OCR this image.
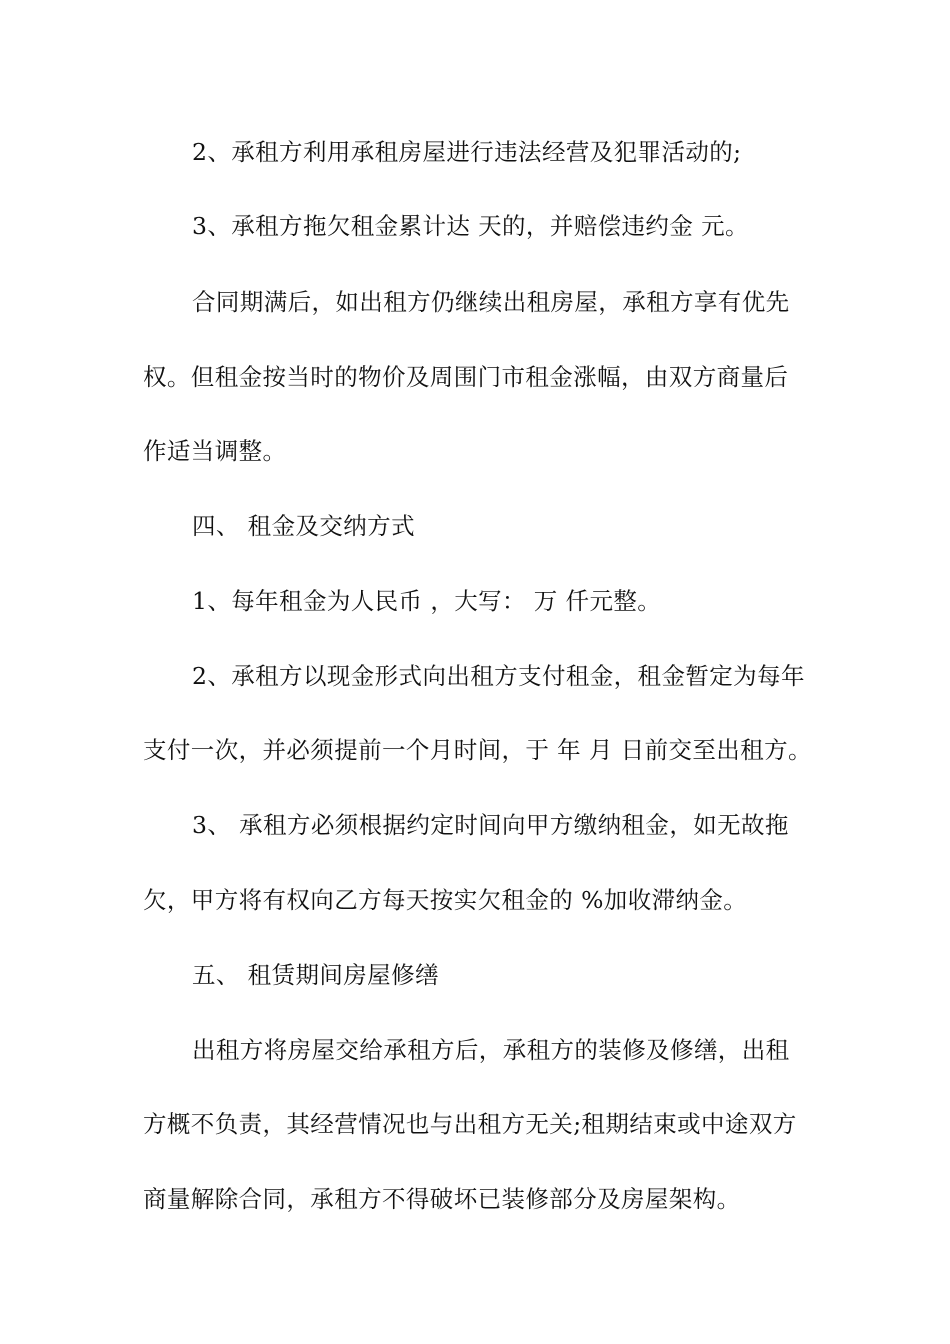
2、承租方利用承租房屋进行违法经营及犯罪活动的;
3、承租方拖欠租金累计达 天的，并赔偿违约金 元。
合同期满后，如出租方仍继续出租房屋，承租方享有优先
权。但租金按当时的物价及周围门市租金涨幅，由双方商量后
作适当调整。
四、 租金及交纳方式
1、每年租金为人民币 ，大写： 万 仟元整。
2、承租方以现金形式向出租方支付租金，租金暂定为每年
支付一次，并必须提前一个月时间，于 年 月 日前交至出租方。
3、 承租方必须根据约定时间向甲方缴纳租金，如无故拖
欠，甲方将有权向乙方每天按实欠租金的 %加收滞纳金。
五、 租赁期间房屋修缮
出租方将房屋交给承租方后，承租方的装修及修缮，出租
方概不负责，其经营情况也与出租方无关;租期结束或中途双方
商量解除合同，承租方不得破坏已装修部分及房屋架构。
